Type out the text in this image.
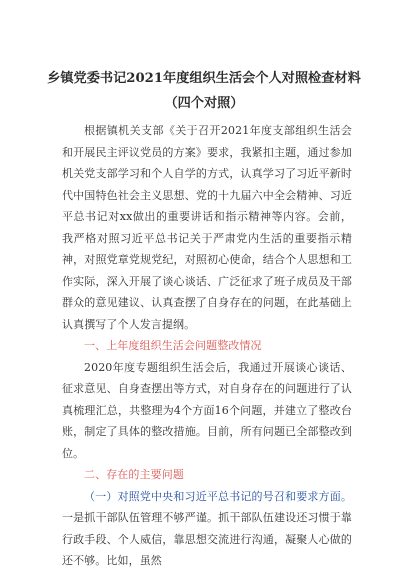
乡镇党委书记2021年度组织生活会个人对照检查材料（四个对照）

根据镇机关支部《关于召开2021年度支部组织生活会和开展民主评议党员的方案》要求，我紧扣主题，通过参加机关党支部学习和个人自学的方式，认真学习了习近平新时代中国特色社会主义思想、党的十九届六中全会精神、习近平总书记对xx做出的重要讲话和指示精神等内容。会前，我严格对照习近平总书记关于严肃党内生活的重要指示精神，对照党章党规党纪，对照初心使命，结合个人思想和工作实际，深入开展了谈心谈话、广泛征求了班子成员及干部群众的意见建议、认真查摆了自身存在的问题，在此基础上认真撰写了个人发言提纲。

一、上年度组织生活会问题整改情况

2020年度专题组织生活会后，我通过开展谈心谈话、征求意见、自身查摆出等方式，对自身存在的问题进行了认真梳理汇总，共整理为4个方面16个问题，并建立了整改台账，制定了具体的整改措施。目前，所有问题已全部整改到位。

二、存在的主要问题

（一）对照党中央和习近平总书记的号召和要求方面。一是抓干部队伍管理不够严谨。抓干部队伍建设还习惯于靠行政手段、个人威信，靠思想交流进行沟通，凝聚人心做的还不够。比如，虽然
